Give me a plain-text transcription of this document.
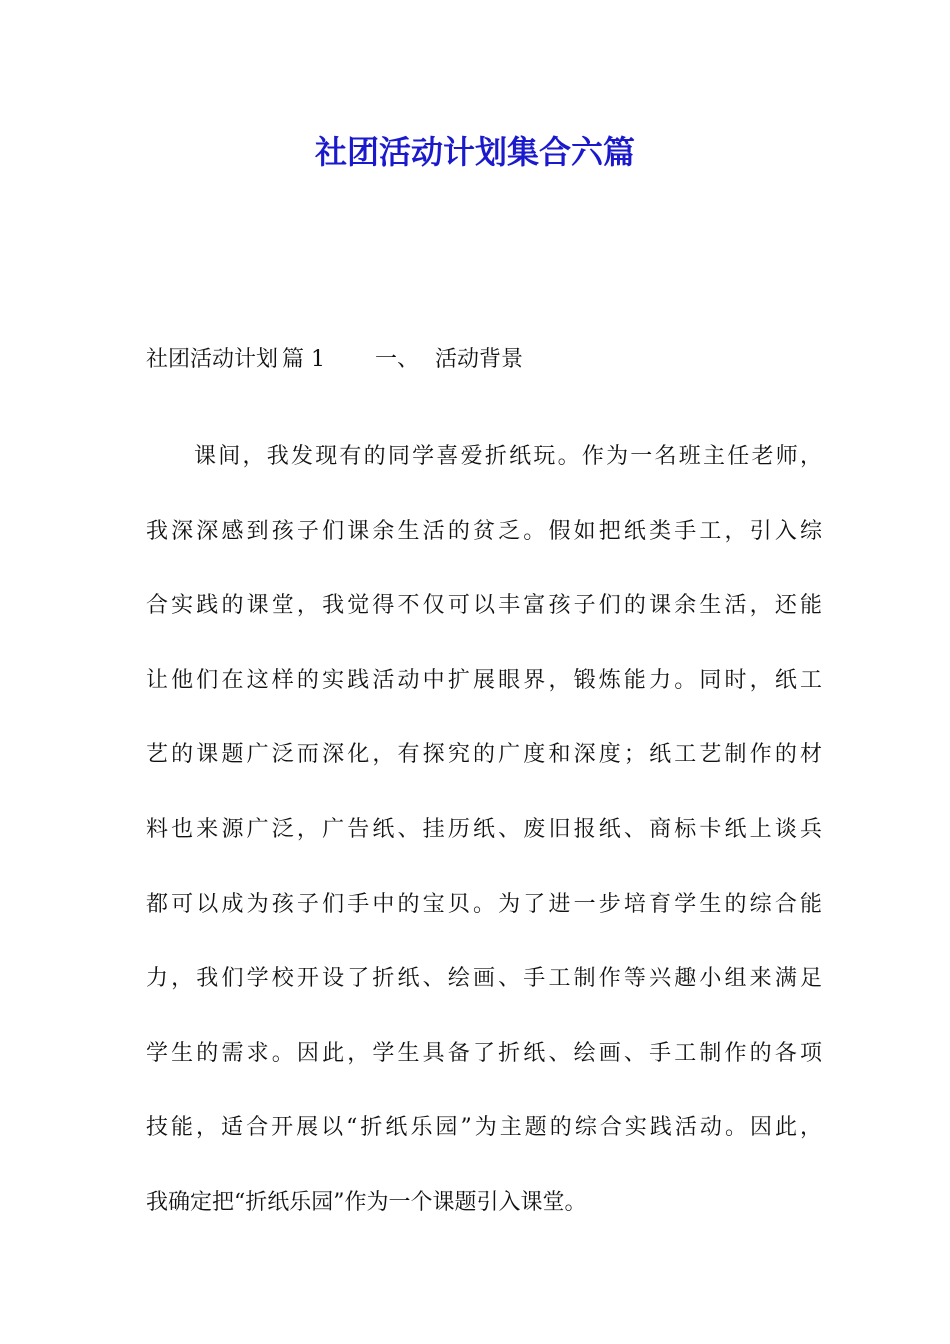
社团活动计划集合六篇
社团活动计划 篇 1 一、 活动背景
课间，我发现有的同学喜爱折纸玩。作为一名班主任老师，
我深深感到孩子们课余生活的贫乏。假如把纸类手工，引入综
合实践的课堂，我觉得不仅可以丰富孩子们的课余生活，还能
让他们在这样的实践活动中扩展眼界，锻炼能力。同时，纸工
艺的课题广泛而深化，有探究的广度和深度；纸工艺制作的材
料也来源广泛，广告纸、挂历纸、废旧报纸、商标卡纸上谈兵
都可以成为孩子们手中的宝贝。为了进一步培育学生的综合能
力，我们学校开设了折纸、绘画、手工制作等兴趣小组来满足
学生的需求。因此，学生具备了折纸、绘画、手工制作的各项
技能，适合开展以“折纸乐园”为主题的综合实践活动。因此，
我确定把“折纸乐园”作为一个课题引入课堂。
